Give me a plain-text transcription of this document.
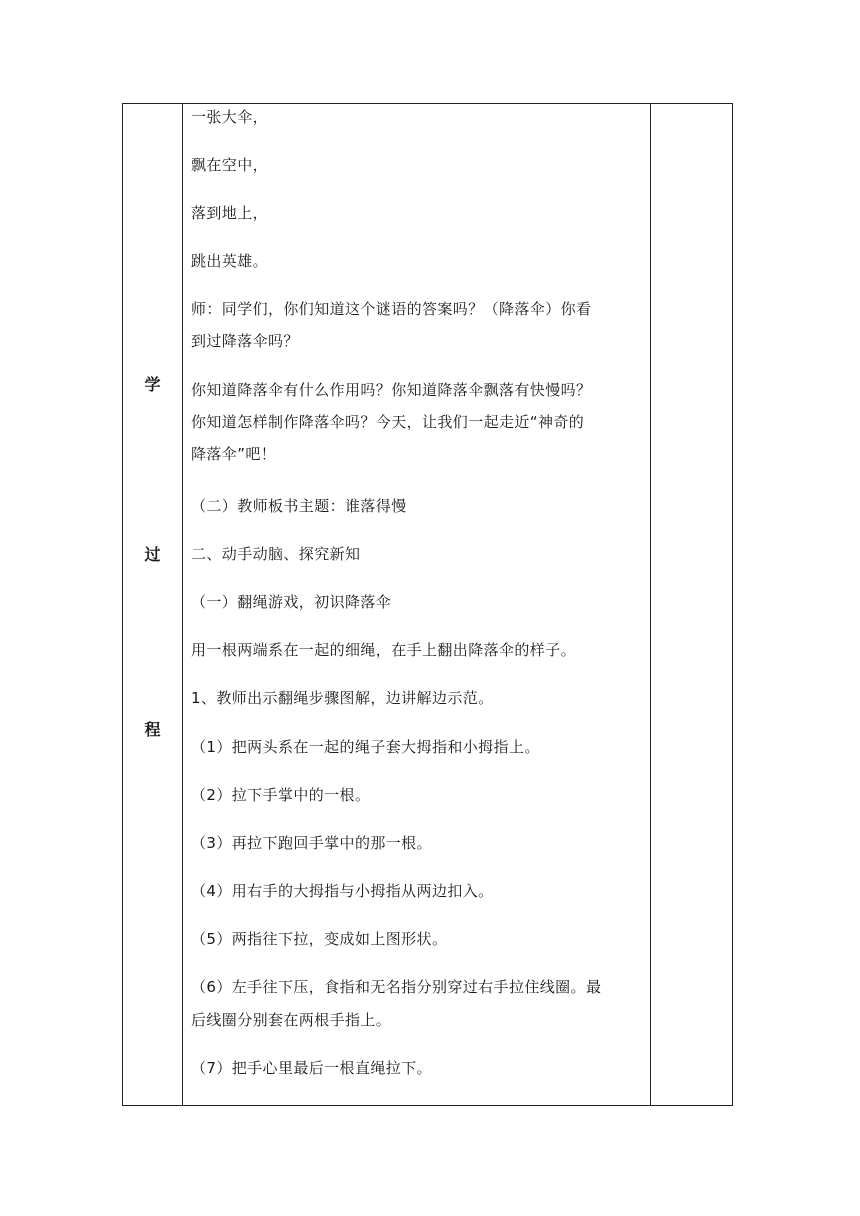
学
过
程
一张大伞，
飘在空中，
落到地上，
跳出英雄。
师：同学们，你们知道这个谜语的答案吗？（降落伞）你看
到过降落伞吗？
你知道降落伞有什么作用吗？你知道降落伞飘落有快慢吗？
你知道怎样制作降落伞吗？今天，让我们一起走近“神奇的
降落伞”吧！
（二）教师板书主题：谁落得慢
二、动手动脑、探究新知
（一）翻绳游戏，初识降落伞
用一根两端系在一起的细绳，在手上翻出降落伞的样子。
1、教师出示翻绳步骤图解，边讲解边示范。
（1）把两头系在一起的绳子套大拇指和小拇指上。
（2）拉下手掌中的一根。
（3）再拉下跑回手掌中的那一根。
（4）用右手的大拇指与小拇指从两边扣入。
（5）两指往下拉，变成如上图形状。
（6）左手往下压，食指和无名指分别穿过右手拉住线圈。最
后线圈分别套在两根手指上。
（7）把手心里最后一根直绳拉下。
